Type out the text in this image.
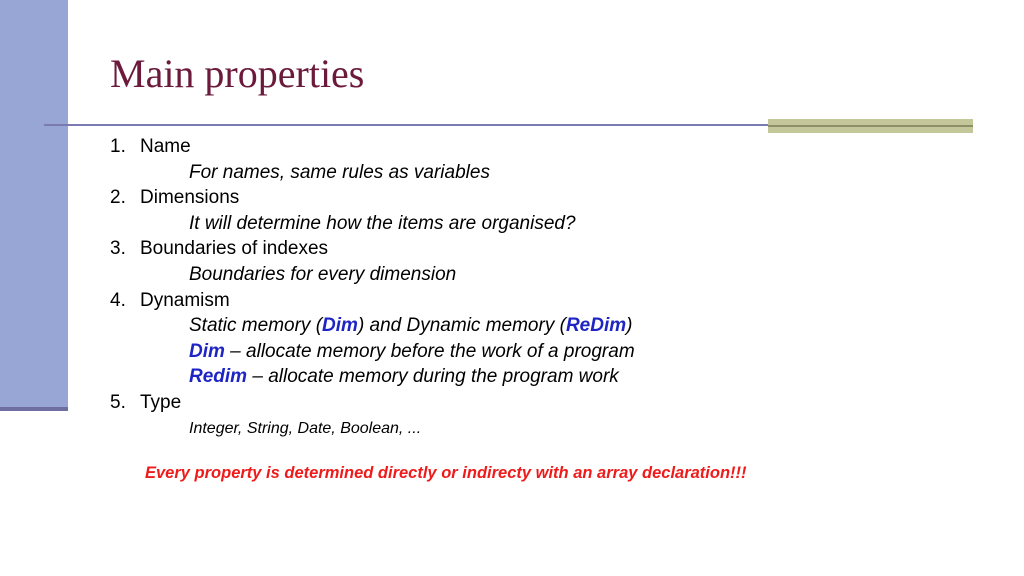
Main properties
1. Name
For names, same rules as variables
2. Dimensions
It will determine how the items are organised?
3. Boundaries of indexes
Boundaries for every dimension
4. Dynamism
Static memory (Dim) and Dynamic memory (ReDim)
Dim – allocate memory before the work of a program
Redim – allocate memory during the program work
5. Type
Integer, String, Date, Boolean, ...
Every property is determined directly or indirecty with an array declaration!!!
